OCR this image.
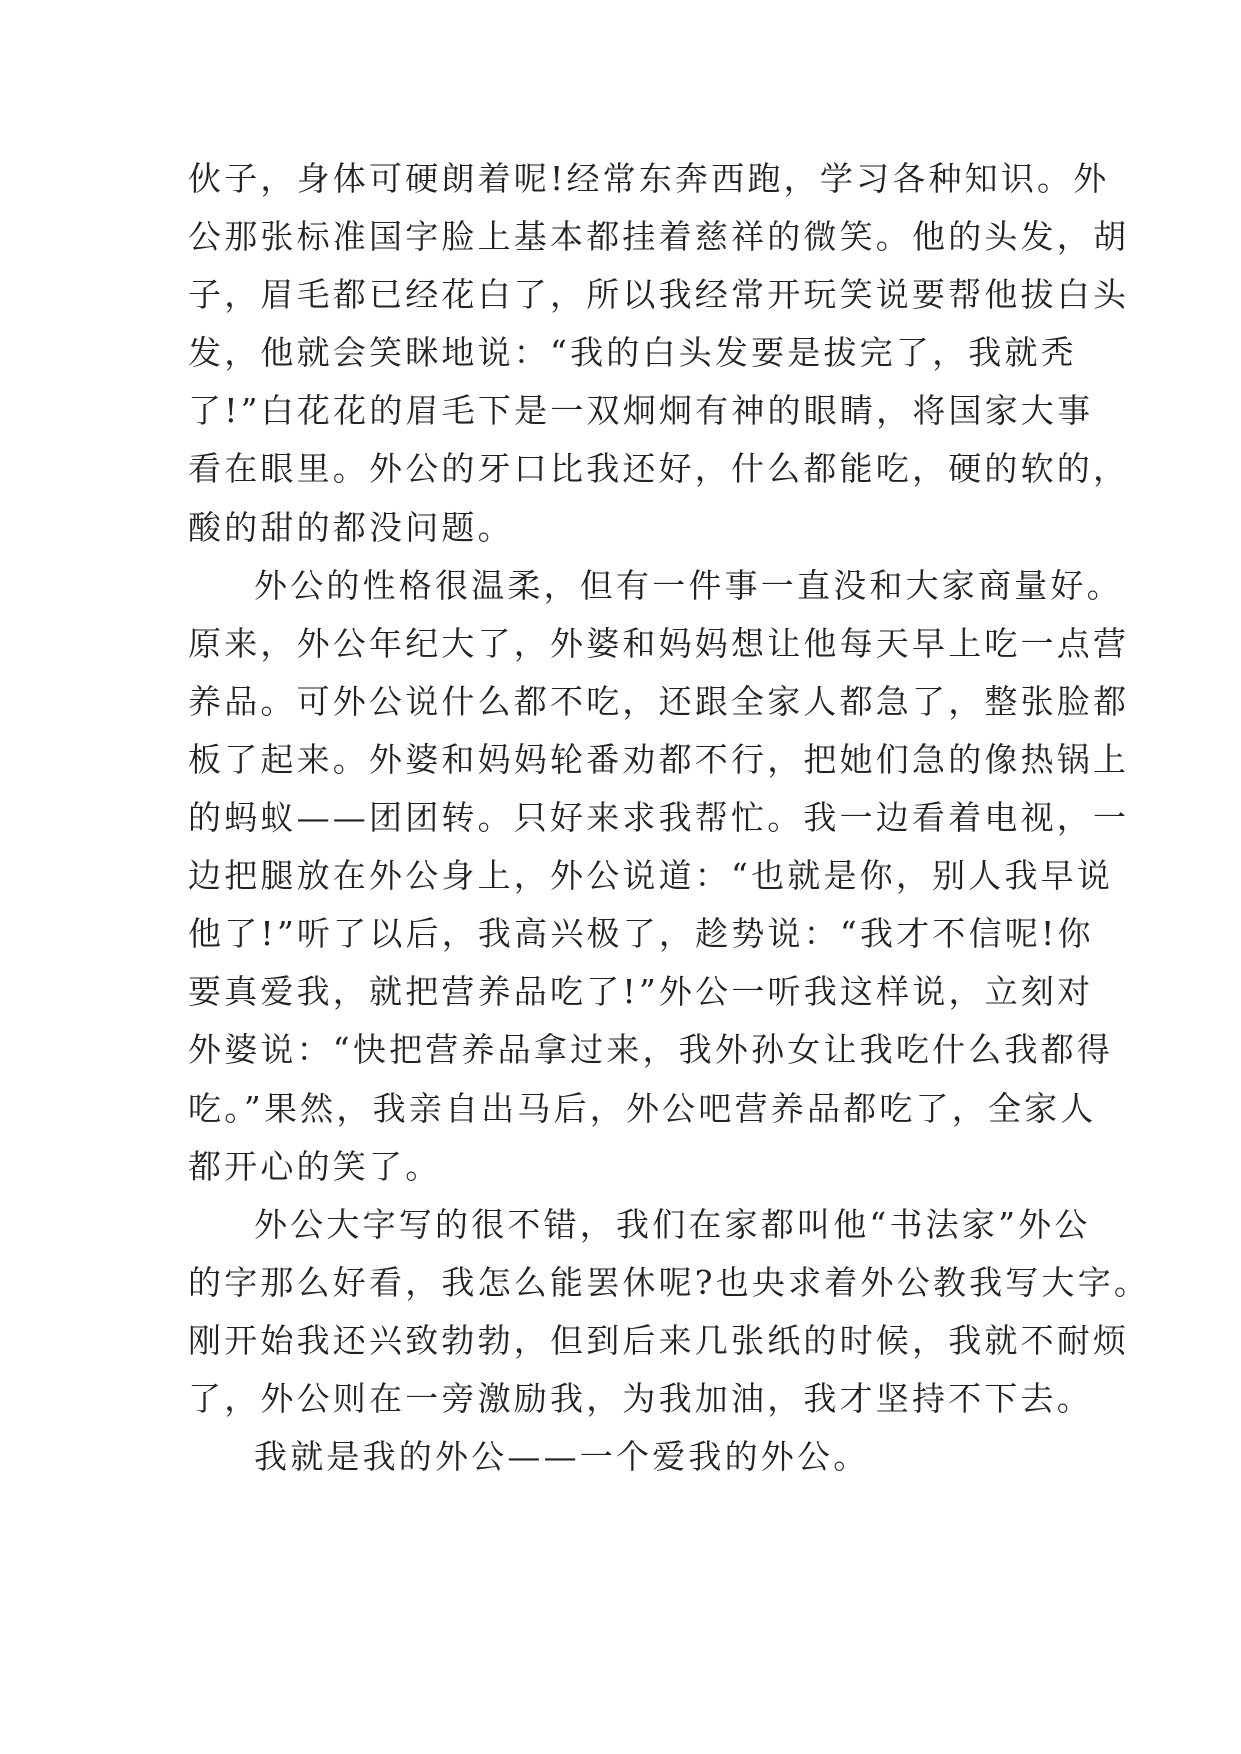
伙子，身体可硬朗着呢!经常东奔西跑，学习各种知识。外
公那张标准国字脸上基本都挂着慈祥的微笑。他的头发，胡
子，眉毛都已经花白了，所以我经常开玩笑说要帮他拔白头
发，他就会笑眯地说：“我的白头发要是拔完了，我就秃
了!”白花花的眉毛下是一双炯炯有神的眼睛，将国家大事
看在眼里。外公的牙口比我还好，什么都能吃，硬的软的，
酸的甜的都没问题。
外公的性格很温柔，但有一件事一直没和大家商量好。
原来，外公年纪大了，外婆和妈妈想让他每天早上吃一点营
养品。可外公说什么都不吃，还跟全家人都急了，整张脸都
板了起来。外婆和妈妈轮番劝都不行，把她们急的像热锅上
的蚂蚁——团团转。只好来求我帮忙。我一边看着电视，一
边把腿放在外公身上，外公说道：“也就是你，别人我早说
他了!”听了以后，我高兴极了，趁势说：“我才不信呢!你
要真爱我，就把营养品吃了!”外公一听我这样说，立刻对
外婆说：“快把营养品拿过来，我外孙女让我吃什么我都得
吃。”果然，我亲自出马后，外公吧营养品都吃了，全家人
都开心的笑了。
外公大字写的很不错，我们在家都叫他“书法家”外公
的字那么好看，我怎么能罢休呢?也央求着外公教我写大字。
刚开始我还兴致勃勃，但到后来几张纸的时候，我就不耐烦
了，外公则在一旁激励我，为我加油，我才坚持不下去。
我就是我的外公——一个爱我的外公。
